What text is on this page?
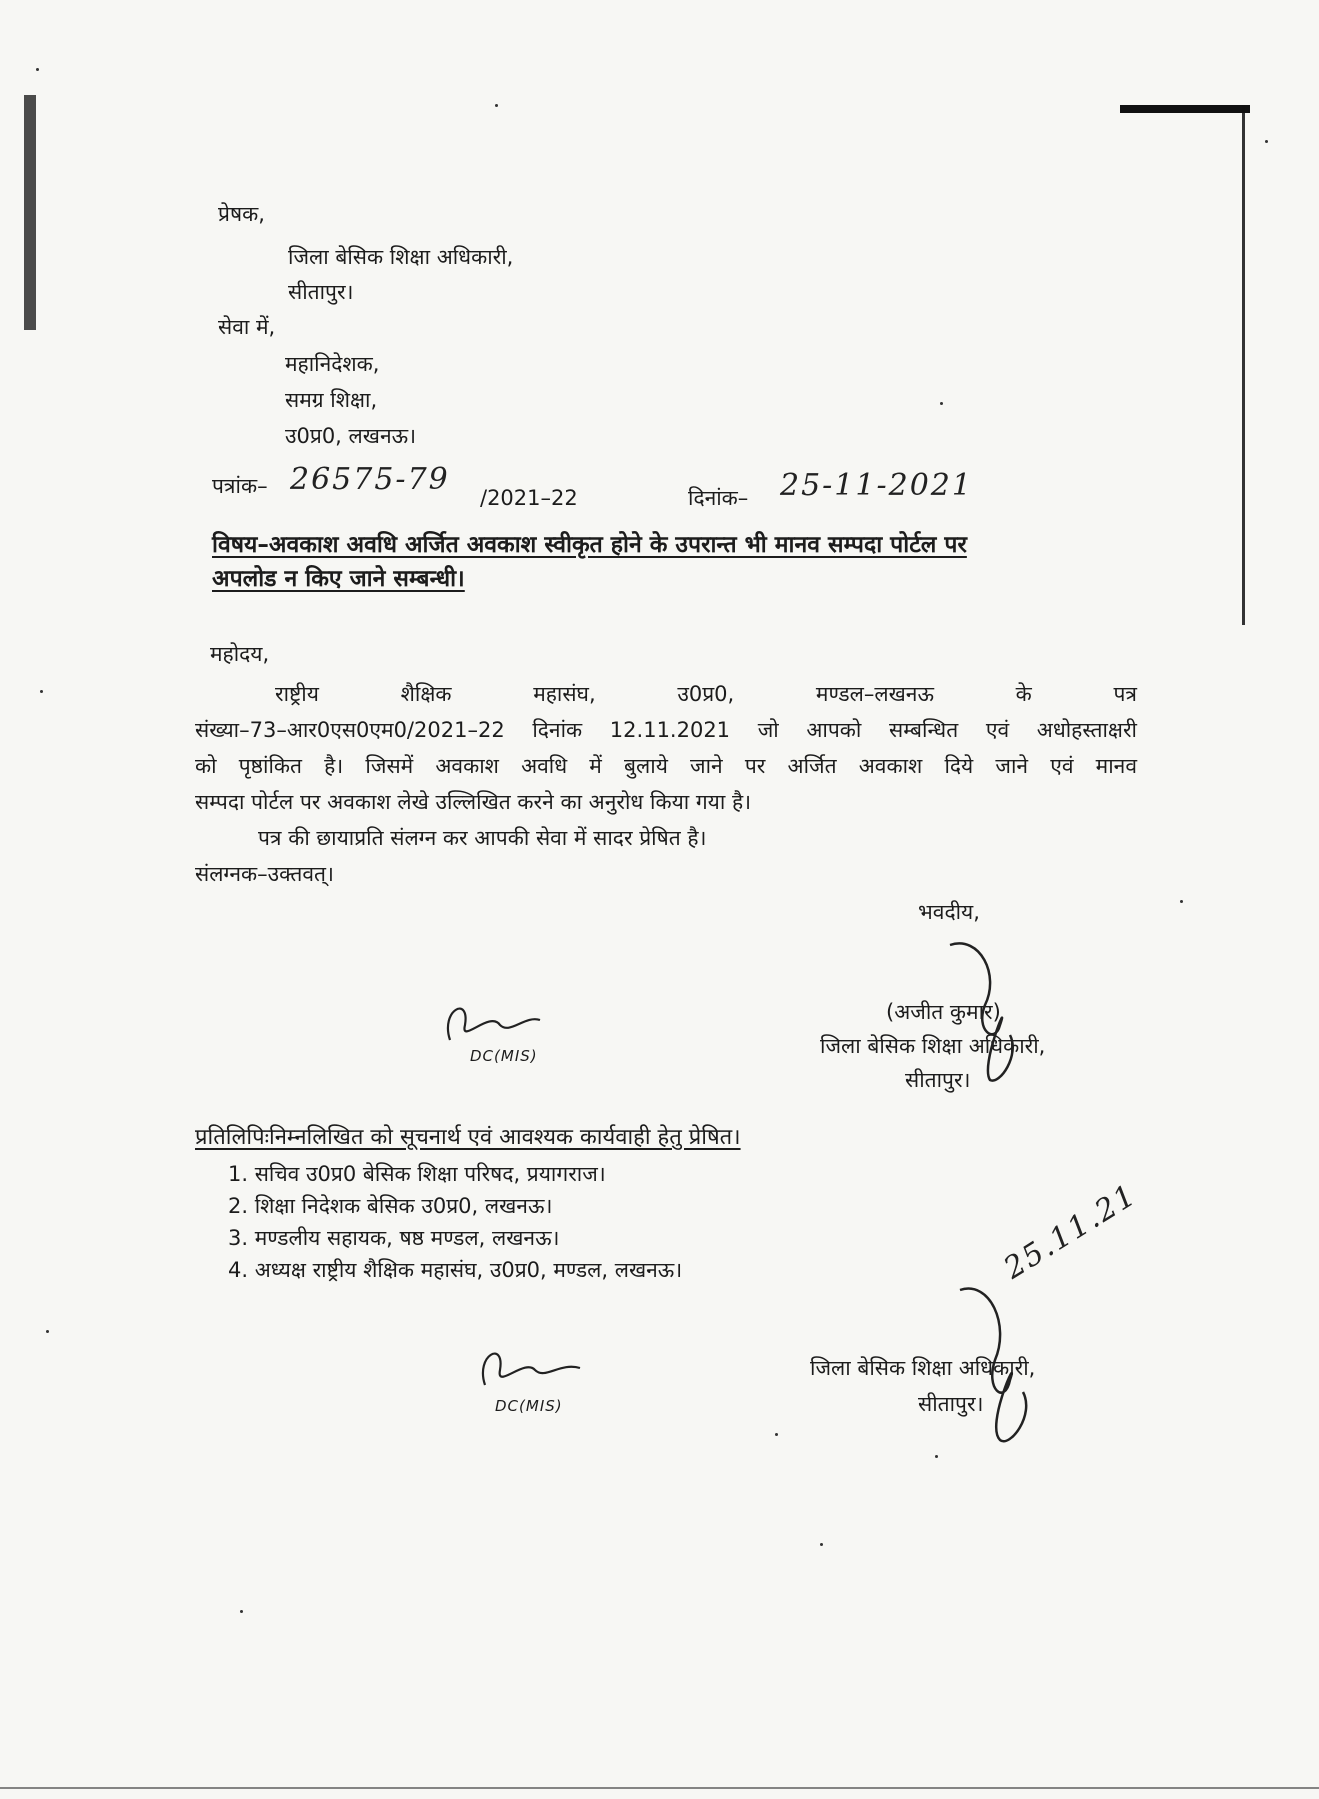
प्रेषक,
जिला बेसिक शिक्षा अधिकारी,
सीतापुर।
सेवा में,
महानिदेशक,
समग्र शिक्षा,
उ0प्र0, लखनऊ।
पत्रांक– 26575-79
/2021–22	दिनांक– 25-11-2021
विषय–अवकाश अवधि अर्जित अवकाश स्वीकृत होने के उपरान्त भी मानव सम्पदा पोर्टल पर
अपलोड न किए जाने सम्बन्धी।
महोदय,
राष्ट्रीय शैक्षिक महासंघ, उ0प्र0, मण्डल–लखनऊ के पत्र
संख्या–73–आर0एस0एम0/2021–22 दिनांक 12.11.2021 जो आपको सम्बन्धित एवं अधोहस्ताक्षरी
को पृष्ठांकित है। जिसमें अवकाश अवधि में बुलाये जाने पर अर्जित अवकाश दिये जाने एवं मानव
सम्पदा पोर्टल पर अवकाश लेखे उल्लिखित करने का अनुरोध किया गया है।
पत्र की छायाप्रति संलग्न कर आपकी सेवा में सादर प्रेषित है।
संलग्नक–उक्तवत्।
भवदीय,
(अजीत कुमार)
जिला बेसिक शिक्षा अधिकारी,
सीतापुर।
DC(MIS)
प्रतिलिपिःनिम्नलिखित को सूचनार्थ एवं आवश्यक कार्यवाही हेतु प्रेषित।
1. सचिव उ0प्र0 बेसिक शिक्षा परिषद, प्रयागराज।
2. शिक्षा निदेशक बेसिक उ0प्र0, लखनऊ।
3. मण्डलीय सहायक, षष्ठ मण्डल, लखनऊ।
4. अध्यक्ष राष्ट्रीय शैक्षिक महासंघ, उ0प्र0, मण्डल, लखनऊ।	25.11.21
जिला बेसिक शिक्षा अधिकारी,
सीतापुर।
DC(MIS)
